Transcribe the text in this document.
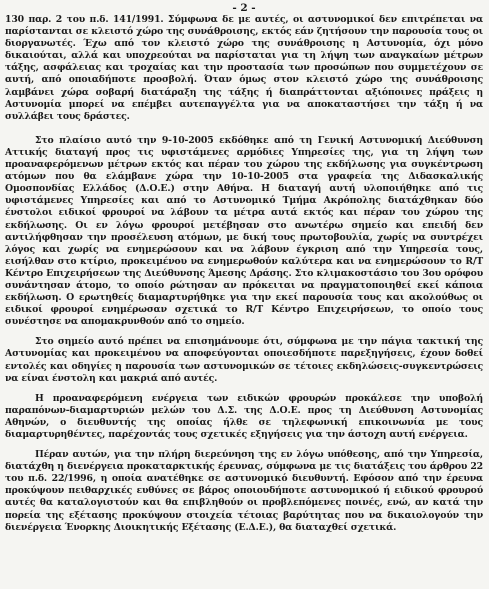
- 2 -

130 παρ. 2 του π.δ. 141/1991. Σύμφωνα δε με αυτές, οι αστυνομικοί δεν επιτρέπεται να παρίστανται σε κλειστό χώρο της συνάθροισης, εκτός εάν ζητήσουν την παρουσία τους οι διοργανωτές. Έχω από τον κλειστό χώρο της συνάθροισης η Αστυνομία, όχι μόνο δικαιούται, αλλά και υποχρεούται να παρίσταται για τη λήψη των αναγκαίων μέτρων τάξης, ασφάλειας και τροχαίας και την προστασία των προσώπων που συμμετέχουν σε αυτή, από οποιαδήποτε προσβολή. Όταν όμως στον κλειστό χώρο της συνάθροισης λαμβάνει χώρα σοβαρή διατάραξη της τάξης ή διαπράττονται αξιόποινες πράξεις η Αστυνομία μπορεί να επέμβει αυτεπαγγέλτα για να αποκαταστήσει την τάξη ή να συλλάβει τους δράστες.

Στο πλαίσιο αυτό την 9-10-2005 εκδόθηκε από τη Γενική Αστυνομική Διεύθυνση Αττικής διαταγή προς τις υφιστάμενες αρμόδιες Υπηρεσίες της, για τη λήψη των προαναφερόμενων μέτρων εκτός και πέραν του χώρου της εκδήλωσης για συγκέντρωση ατόμων που θα ελάμβανε χώρα την 10-10-2005 στα γραφεία της Διδασκαλικής Ομοσπονδίας Ελλάδος (Δ.Ο.Ε.) στην Αθήνα. Η διαταγή αυτή υλοποιήθηκε από τις υφιστάμενες Υπηρεσίες και από το Αστυνομικό Τμήμα Ακρόπολης διατάχθηκαν δύο ένστολοι ειδικοί φρουροί να λάβουν τα μέτρα αυτά εκτός και πέραν του χώρου της εκδήλωσης. Οι εν λόγω φρουροί μετέβησαν στο ανωτέρω σημείο και επειδή δεν αντιλήφθησαν την προσέλευση ατόμων, με δική τους πρωτοβουλία, χωρίς να συντρέχει λόγος και χωρίς να ενημερώσουν και να λάβουν έγκριση από την Υπηρεσία τους, εισήλθαν στο κτίριο, προκειμένου να ενημερωθούν καλύτερα και να ενημερώσουν το R/T Κέντρο Επιχειρήσεων της Διεύθυνσης Άμεσης Δράσης. Στο κλιμακοστάσιο του 3ου ορόφου συνάντησαν άτομο, το οποίο ρώτησαν αν πρόκειται να πραγματοποιηθεί εκεί κάποια εκδήλωση. Ο ερωτηθείς διαμαρτυρήθηκε για την εκεί παρουσία τους και ακολούθως οι ειδικοί φρουροί ενημέρωσαν σχετικά το R/T Κέντρο Επιχειρήσεων, το οποίο τους συνέστησε να απομακρυνθούν από το σημείο.

Στο σημείο αυτό πρέπει να επισημάνουμε ότι, σύμφωνα με την πάγια τακτική της Αστυνομίας και προκειμένου να αποφεύγονται οποιεσδήποτε παρεξηγήσεις, έχουν δοθεί εντολές και οδηγίες η παρουσία των αστυνομικών σε τέτοιες εκδηλώσεις-συγκεντρώσεις να είναι ένστολη και μακριά από αυτές.

Η προαναφερόμενη ενέργεια των ειδικών φρουρών προκάλεσε την υποβολή παραπόνων-διαμαρτυριών μελών του Δ.Σ. της Δ.Ο.Ε. προς τη Διεύθυνση Αστυνομίας Αθηνών, ο διευθυντής της οποίας ήλθε σε τηλεφωνική επικοινωνία με τους διαμαρτυρηθέντες, παρέχοντάς τους σχετικές εξηγήσεις για την άστοχη αυτή ενέργεια.

Πέραν αυτών, για την πλήρη διερεύνηση της εν λόγω υπόθεσης, από την Υπηρεσία, διατάχθη η διενέργεια προκαταρκτικής έρευνας, σύμφωνα με τις διατάξεις του άρθρου 22 του π.δ. 22/1996, η οποία ανατέθηκε σε αστυνομικό διευθυντή. Εφόσον από την έρευνα προκύψουν πειθαρχικές ευθύνες σε βάρος οποιουδήποτε αστυνομικού ή ειδικού φρουρού αυτές θα καταλογιστούν και θα επιβληθούν οι προβλεπόμενες ποινές, ενώ, αν κατά την πορεία της εξέτασης προκύψουν στοιχεία τέτοιας βαρύτητας που να δικαιολογούν την διενέργεια Ένορκης Διοικητικής Εξέτασης (Ε.Δ.Ε.), θα διαταχθεί σχετικά.
